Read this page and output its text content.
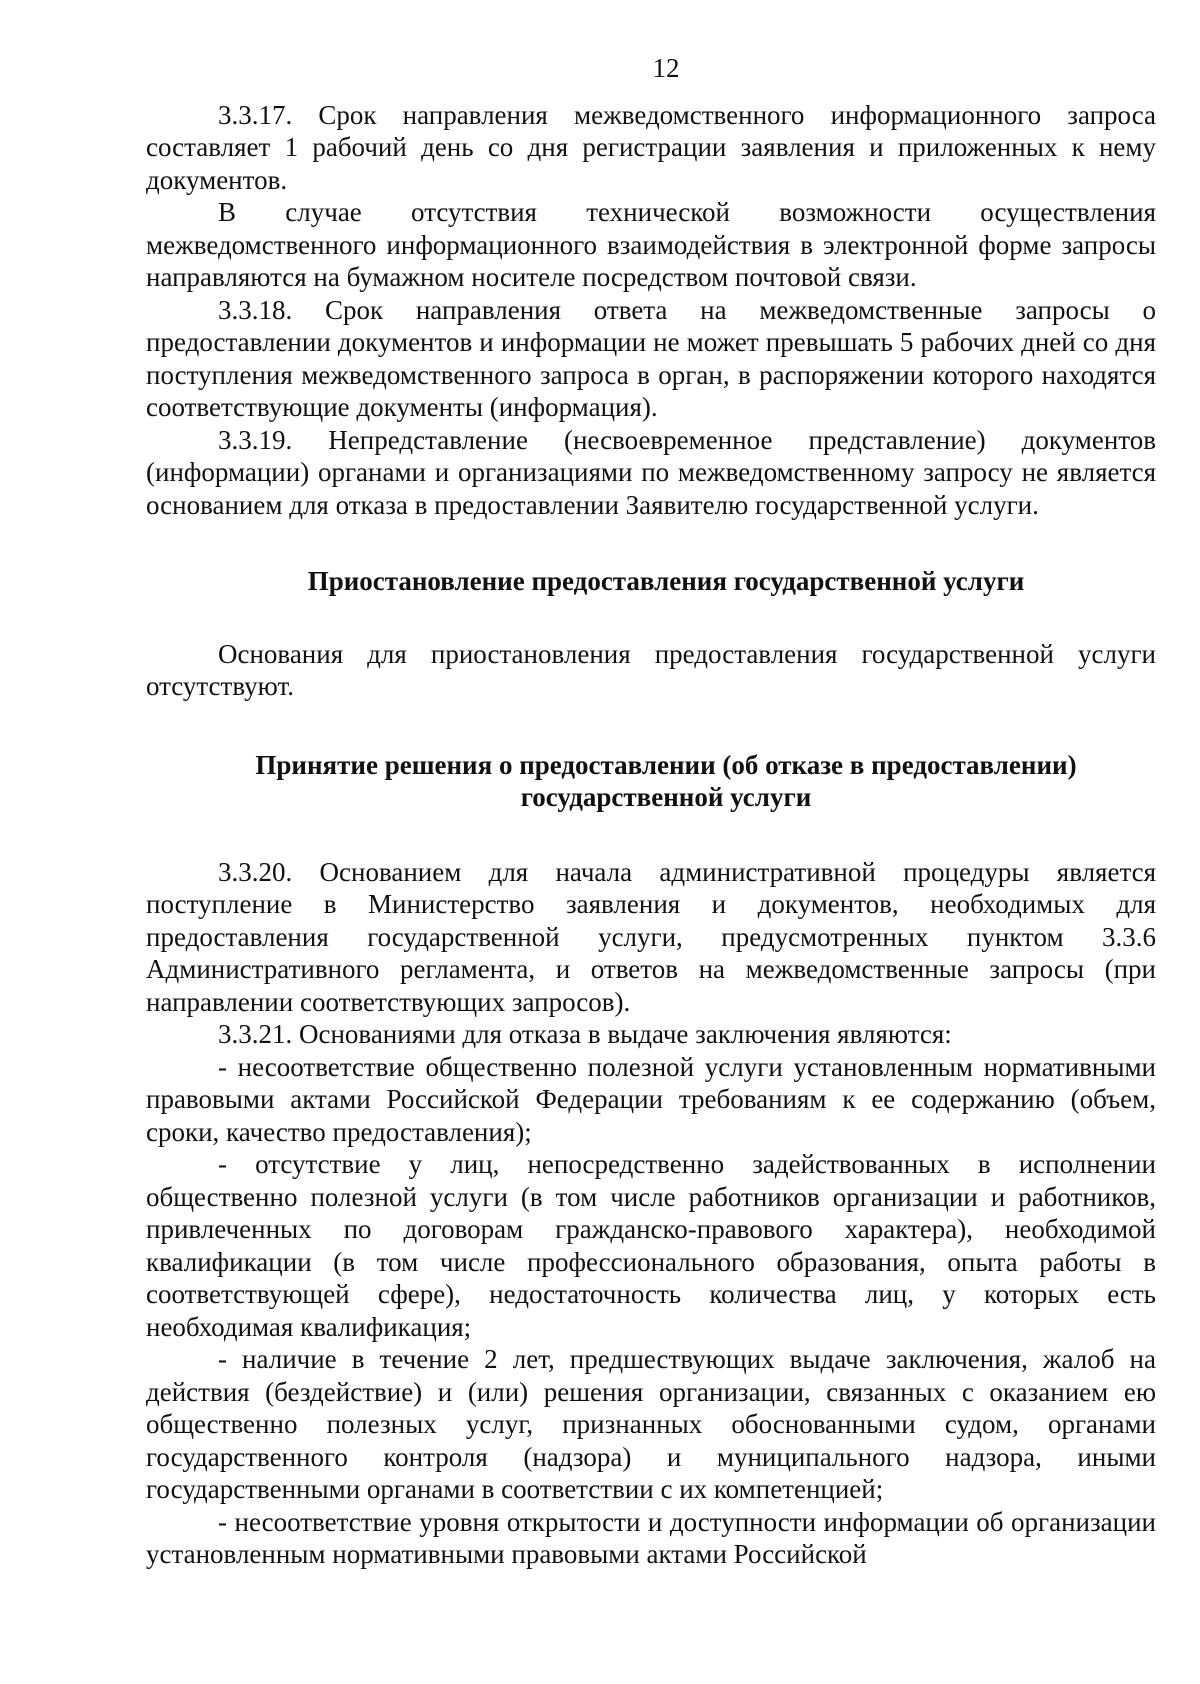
12

3.3.17. Срок направления межведомственного информационного запроса составляет 1 рабочий день со дня регистрации заявления и приложенных к нему документов.

В случае отсутствия технической возможности осуществления межведомственного информационного взаимодействия в электронной форме запросы направляются на бумажном носителе посредством почтовой связи.

3.3.18. Срок направления ответа на межведомственные запросы о предоставлении документов и информации не может превышать 5 рабочих дней со дня поступления межведомственного запроса в орган, в распоряжении которого находятся соответствующие документы (информация).

3.3.19. Непредставление (несвоевременное представление) документов (информации) органами и организациями по межведомственному запросу не является основанием для отказа в предоставлении Заявителю государственной услуги.

Приостановление предоставления государственной услуги

Основания для приостановления предоставления государственной услуги отсутствуют.

Принятие решения о предоставлении (об отказе в предоставлении)
государственной услуги

3.3.20. Основанием для начала административной процедуры является поступление в Министерство заявления и документов, необходимых для предоставления государственной услуги, предусмотренных пунктом 3.3.6 Административного регламента, и ответов на межведомственные запросы (при направлении соответствующих запросов).

3.3.21. Основаниями для отказа в выдаче заключения являются:

- несоответствие общественно полезной услуги установленным нормативными правовыми актами Российской Федерации требованиям к ее содержанию (объем, сроки, качество предоставления);

- отсутствие у лиц, непосредственно задействованных в исполнении общественно полезной услуги (в том числе работников организации и работников, привлеченных по договорам гражданско-правового характера), необходимой квалификации (в том числе профессионального образования, опыта работы в соответствующей сфере), недостаточность количества лиц, у которых есть необходимая квалификация;

- наличие в течение 2 лет, предшествующих выдаче заключения, жалоб на действия (бездействие) и (или) решения организации, связанных с оказанием ею общественно полезных услуг, признанных обоснованными судом, органами государственного контроля (надзора) и муниципального надзора, иными государственными органами в соответствии с их компетенцией;

- несоответствие уровня открытости и доступности информации об организации установленным нормативными правовыми актами Российской
